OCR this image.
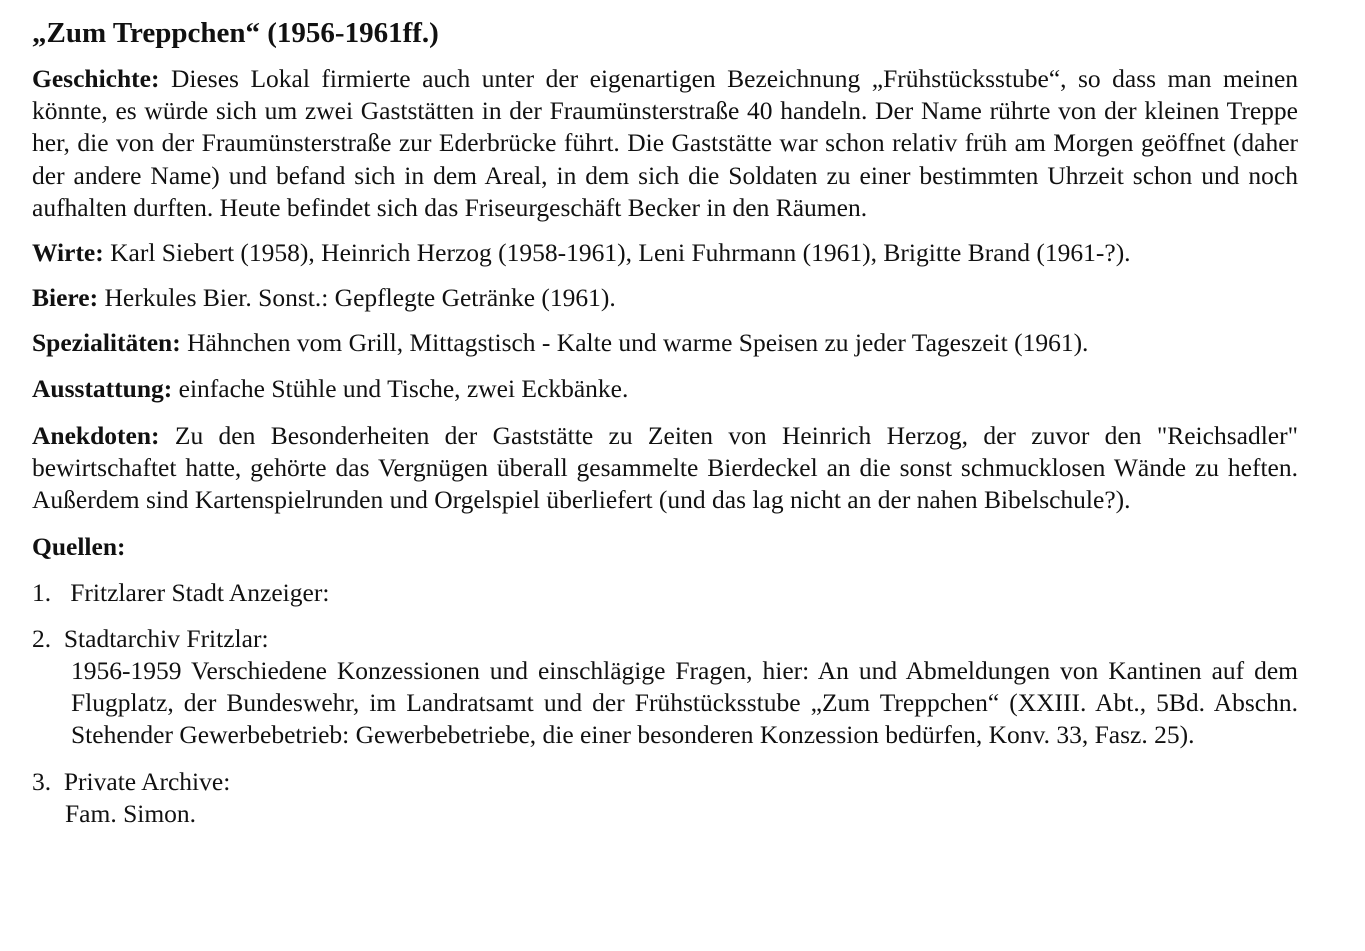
„Zum Treppchen“ (1956-1961ff.)

Geschichte: Dieses Lokal firmierte auch unter der eigenartigen Bezeichnung „Frühstücksstube“, so dass man meinen könnte, es würde sich um zwei Gaststätten in der Fraumünsterstraße 40 handeln. Der Name rührte von der kleinen Treppe her, die von der Fraumünsterstraße zur Ederbrücke führt. Die Gaststätte war schon relativ früh am Morgen geöffnet (daher der andere Name) und befand sich in dem Areal, in dem sich die Soldaten zu einer bestimmten Uhrzeit schon und noch aufhalten durften. Heute befindet sich das Friseurgeschäft Becker in den Räumen.

Wirte: Karl Siebert (1958), Heinrich Herzog (1958-1961), Leni Fuhrmann (1961), Brigitte Brand (1961-?).

Biere: Herkules Bier. Sonst.: Gepflegte Getränke (1961).

Spezialitäten: Hähnchen vom Grill, Mittagstisch - Kalte und warme Speisen zu jeder Tageszeit (1961).

Ausstattung: einfache Stühle und Tische, zwei Eckbänke.

Anekdoten: Zu den Besonderheiten der Gaststätte zu Zeiten von Heinrich Herzog, der zuvor den "Reichsadler" bewirtschaftet hatte, gehörte das Vergnügen überall gesammelte Bierdeckel an die sonst schmucklosen Wände zu heften. Außerdem sind Kartenspielrunden und Orgelspiel überliefert (und das lag nicht an der nahen Bibelschule?).

Quellen:

1. Fritzlarer Stadt Anzeiger:
2. Stadtarchiv Fritzlar:
1956-1959 Verschiedene Konzessionen und einschlägige Fragen, hier: An und Abmeldungen von Kantinen auf dem Flugplatz, der Bundeswehr, im Landratsamt und der Frühstücksstube „Zum Treppchen“ (XXIII. Abt., 5Bd. Abschn. Stehender Gewerbebetrieb: Gewerbebetriebe, die einer besonderen Konzession bedürfen, Konv. 33, Fasz. 25).
3. Private Archive:
Fam. Simon.
